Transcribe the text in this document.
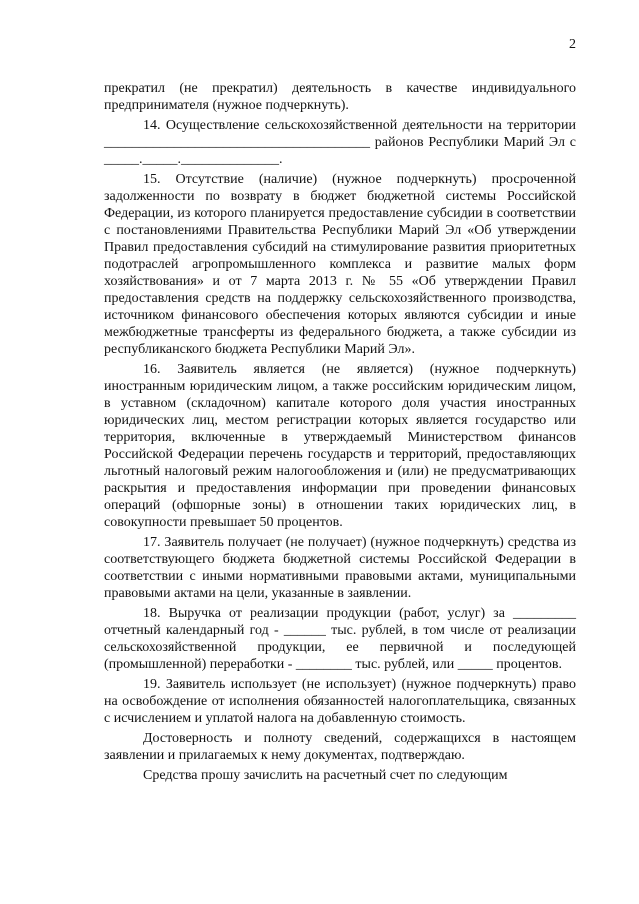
2

прекратил (не прекратил) деятельность в качестве индивидуального предпринимателя (нужное подчеркнуть).

14. Осуществление сельскохозяйственной деятельности на территории ______________________________________ районов Республики Марий Эл с _____._____.______________.

15. Отсутствие (наличие) (нужное подчеркнуть) просроченной задолженности по возврату в бюджет бюджетной системы Российской Федерации, из которого планируется предоставление субсидии в соответствии с постановлениями Правительства Республики Марий Эл «Об утверждении Правил предоставления субсидий на стимулирование развития приоритетных подотраслей агропромышленного комплекса и развитие малых форм хозяйствования» и от 7 марта 2013 г. № 55 «Об утверждении Правил предоставления средств на поддержку сельскохозяйственного производства, источником финансового обеспечения которых являются субсидии и иные межбюджетные трансферты из федерального бюджета, а также субсидии из республиканского бюджета Республики Марий Эл».

16. Заявитель является (не является) (нужное подчеркнуть) иностранным юридическим лицом, а также российским юридическим лицом, в уставном (складочном) капитале которого доля участия иностранных юридических лиц, местом регистрации которых является государство или территория, включенные в утверждаемый Министерством финансов Российской Федерации перечень государств и территорий, предоставляющих льготный налоговый режим налогообложения и (или) не предусматривающих раскрытия и предоставления информации при проведении финансовых операций (офшорные зоны) в отношении таких юридических лиц, в совокупности превышает 50 процентов.

17. Заявитель получает (не получает) (нужное подчеркнуть) средства из соответствующего бюджета бюджетной системы Российской Федерации в соответствии с иными нормативными правовыми актами, муниципальными правовыми актами на цели, указанные в заявлении.

18. Выручка от реализации продукции (работ, услуг) за _________ отчетный календарный год - ______ тыс. рублей, в том числе от реализации сельскохозяйственной продукции, ее первичной и последующей (промышленной) переработки - ________ тыс. рублей, или _____ процентов.

19. Заявитель использует (не использует) (нужное подчеркнуть) право на освобождение от исполнения обязанностей налогоплательщика, связанных с исчислением и уплатой налога на добавленную стоимость.

Достоверность и полноту сведений, содержащихся в настоящем заявлении и прилагаемых к нему документах, подтверждаю.

Средства прошу зачислить на расчетный счет по следующим
